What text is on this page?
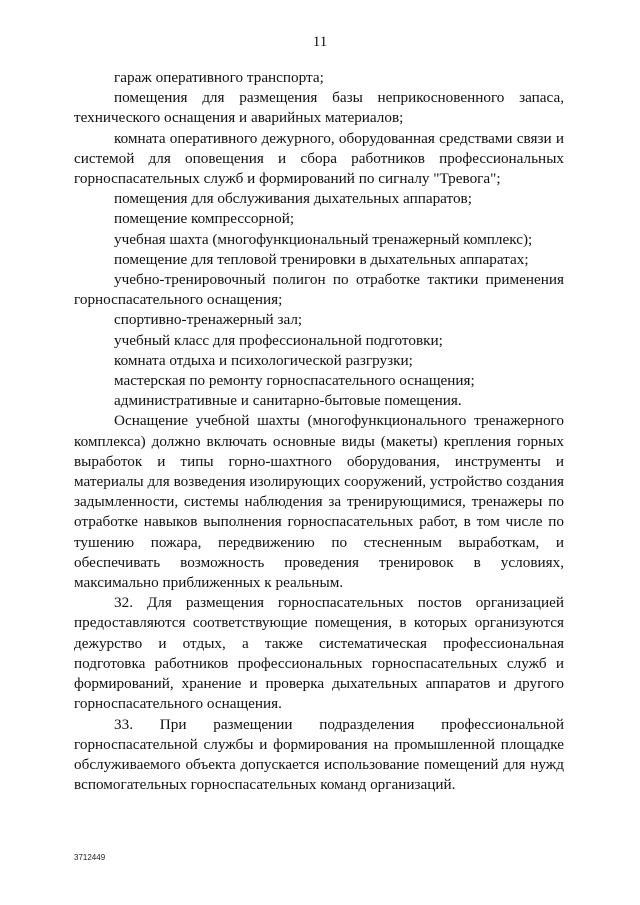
11

гараж оперативного транспорта;

помещения для размещения базы неприкосновенного запаса, технического оснащения и аварийных материалов;

комната оперативного дежурного, оборудованная средствами связи и системой для оповещения и сбора работников профессиональных горноспасательных служб и формирований по сигналу "Тревога";

помещения для обслуживания дыхательных аппаратов;

помещение компрессорной;

учебная шахта (многофункциональный тренажерный комплекс);

помещение для тепловой тренировки в дыхательных аппаратах;

учебно-тренировочный полигон по отработке тактики применения горноспасательного оснащения;

спортивно-тренажерный зал;

учебный класс для профессиональной подготовки;

комната отдыха и психологической разгрузки;

мастерская по ремонту горноспасательного оснащения;

административные и санитарно-бытовые помещения.

Оснащение учебной шахты (многофункционального тренажерного комплекса) должно включать основные виды (макеты) крепления горных выработок и типы горно-шахтного оборудования, инструменты и материалы для возведения изолирующих сооружений, устройство создания задымленности, системы наблюдения за тренирующимися, тренажеры по отработке навыков выполнения горноспасательных работ, в том числе по тушению пожара, передвижению по стесненным выработкам, и обеспечивать возможность проведения тренировок в условиях, максимально приближенных к реальным.

32. Для размещения горноспасательных постов организацией предоставляются соответствующие помещения, в которых организуются дежурство и отдых, а также систематическая профессиональная подготовка работников профессиональных горноспасательных служб и формирований, хранение и проверка дыхательных аппаратов и другого горноспасательного оснащения.

33. При размещении подразделения профессиональной горноспасательной службы и формирования на промышленной площадке обслуживаемого объекта допускается использование помещений для нужд вспомогательных горноспасательных команд организаций.

3712449
